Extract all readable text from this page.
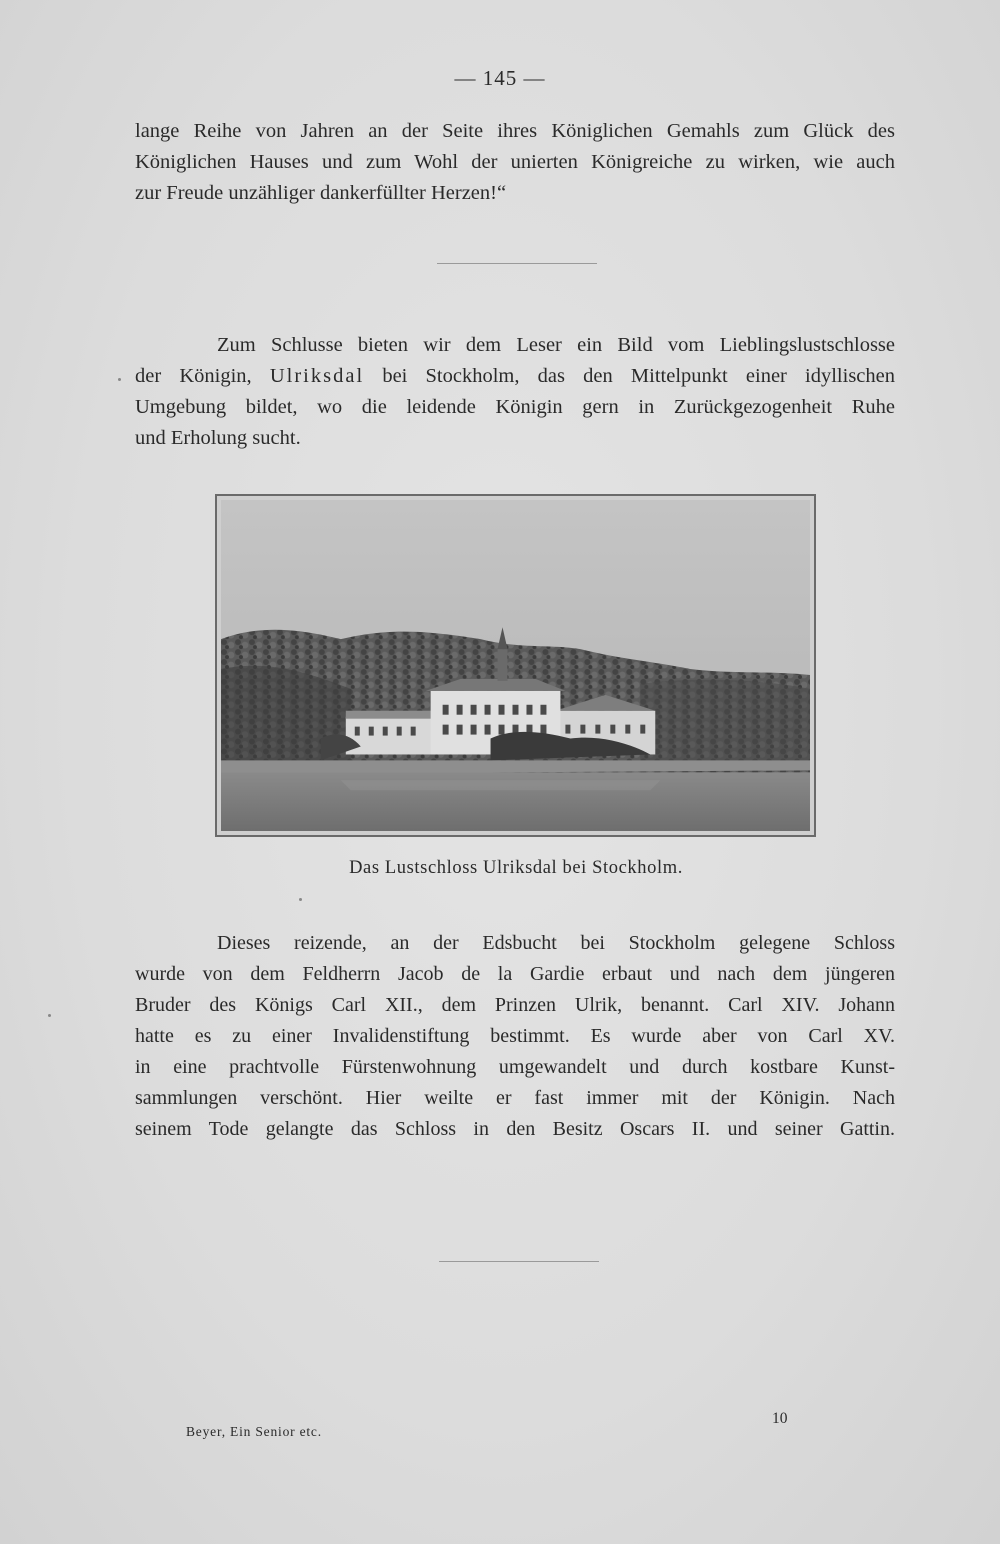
— 145 —
lange Reihe von Jahren an der Seite ihres Königlichen Gemahls zum Glück des
Königlichen Hauses und zum Wohl der unierten Königreiche zu wirken, wie auch
zur Freude unzähliger dankerfüllter Herzen!“
Zum Schlusse bieten wir dem Leser ein Bild vom Lieblingslustschlosse
der Königin, Ulriksdal bei Stockholm, das den Mittelpunkt einer idyllischen
Umgebung bildet, wo die leidende Königin gern in Zurückgezogenheit Ruhe
und Erholung sucht.
Das Lustschloss Ulriksdal bei Stockholm.
Dieses reizende, an der Edsbucht bei Stockholm gelegene Schloss
wurde von dem Feldherrn Jacob de la Gardie erbaut und nach dem jüngeren
Bruder des Königs Carl XII., dem Prinzen Ulrik, benannt. Carl XIV. Johann
hatte es zu einer Invalidenstiftung bestimmt. Es wurde aber von Carl XV.
in eine prachtvolle Fürstenwohnung umgewandelt und durch kostbare Kunst-
sammlungen verschönt. Hier weilte er fast immer mit der Königin. Nach
seinem Tode gelangte das Schloss in den Besitz Oscars II. und seiner Gattin.
Beyer, Ein Senior etc.
10
